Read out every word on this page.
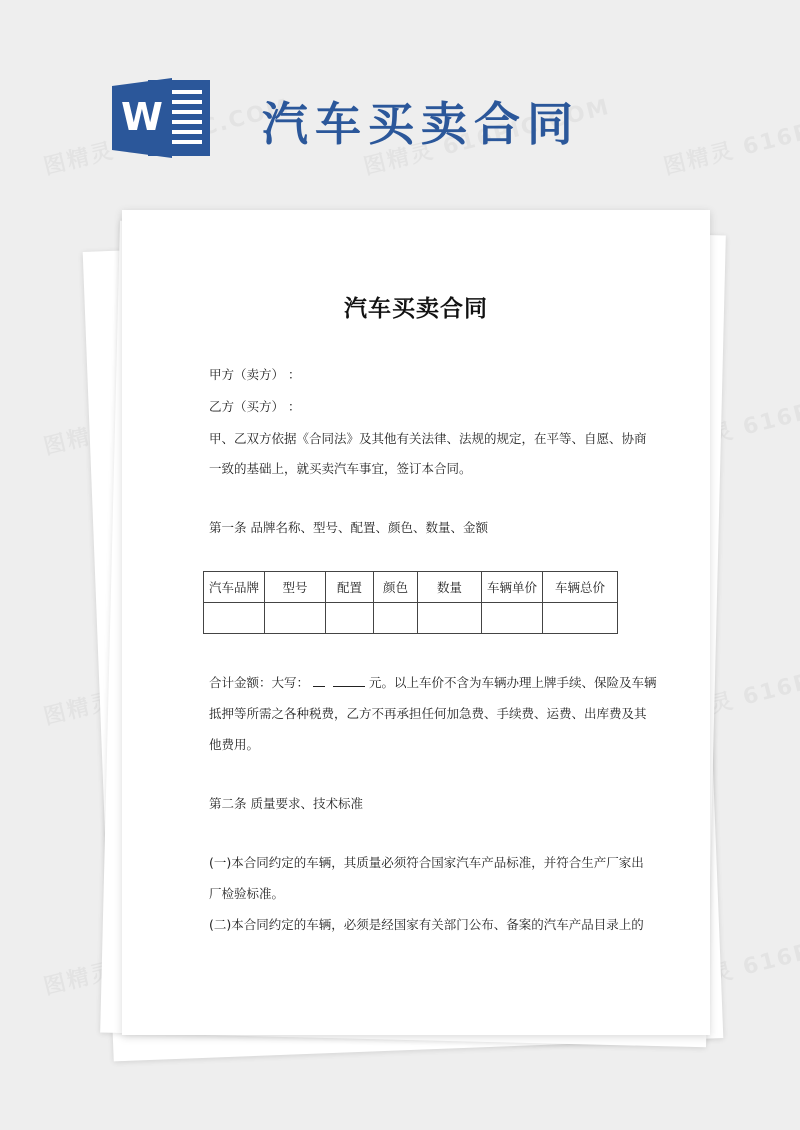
W 汽车买卖合同
汽车买卖合同
甲方（卖方） ：
乙方（买方） ：
甲、乙双方依据《合同法》及其他有关法律、法规的规定，在平等、自愿、协商
一致的基础上，就买卖汽车事宜，签订本合同。
第一条 品牌名称、型号、配置、颜色、数量、金额
汽车品牌	型号	配置	颜色	数量	车辆单价	车辆总价

合计金额：大写：	元。以上车价不含为车辆办理上牌手续、保险及车辆
抵押等所需之各种税费，乙方不再承担任何加急费、手续费、运费、出库费及其
他费用。
第二条 质量要求、技术标准
(一)本合同约定的车辆，其质量必须符合国家汽车产品标准，并符合生产厂家出
厂检验标准。
(二)本合同约定的车辆，必须是经国家有关部门公布、备案的汽车产品目录上的
